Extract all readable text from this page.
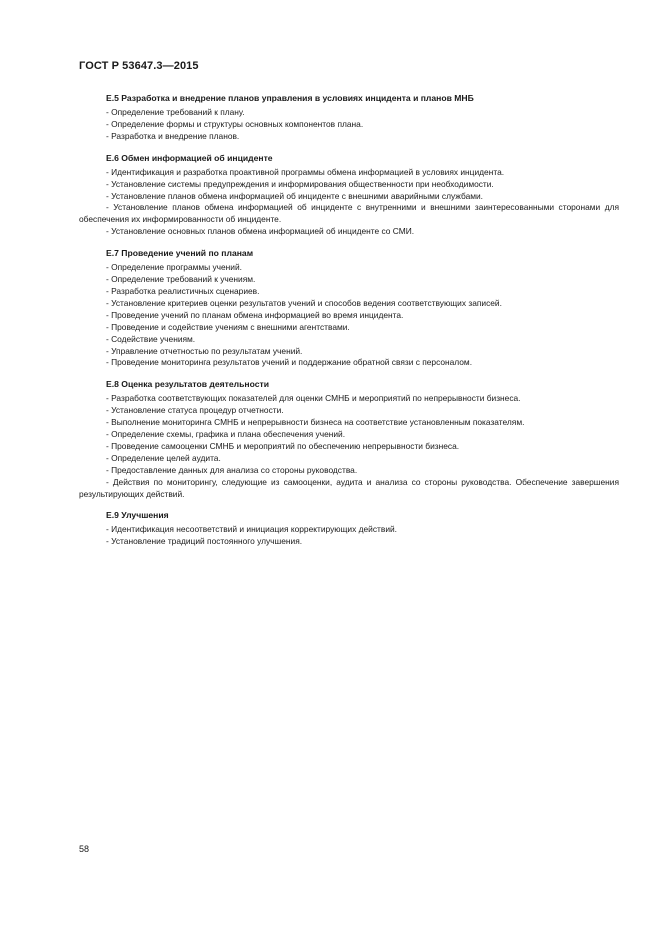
ГОСТ Р 53647.3—2015
Е.5 Разработка и внедрение планов управления в условиях инцидента и планов МНБ

- Определение требований к плану.

- Определение формы и структуры основных компонентов плана.

- Разработка и внедрение планов.

Е.6 Обмен информацией об инциденте

- Идентификация и разработка проактивной программы обмена информацией в условиях инцидента.

- Установление системы предупреждения и информирования общественности при необходимости.

- Установление планов обмена информацией об инциденте с внешними аварийными службами.

- Установление планов обмена информацией об инциденте с внутренними и внешними заинтересованными сторонами для обеспечения их информированности об инциденте.

- Установление основных планов обмена информацией об инциденте со СМИ.

Е.7 Проведение учений по планам

- Определение программы учений.

- Определение требований к учениям.

- Разработка реалистичных сценариев.

- Установление критериев оценки результатов учений и способов ведения соответствующих записей.

- Проведение учений по планам обмена информацией во время инцидента.

- Проведение и содействие учениям с внешними агентствами.

- Содействие учениям.

- Управление отчетностью по результатам учений.

- Проведение мониторинга результатов учений и поддержание обратной связи с персоналом.

Е.8 Оценка результатов деятельности

- Разработка соответствующих показателей для оценки СМНБ и мероприятий по непрерывности бизнеса.

- Установление статуса процедур отчетности.

- Выполнение мониторинга СМНБ и непрерывности бизнеса на соответствие установленным показателям.

- Определение схемы, графика и плана обеспечения учений.

- Проведение самооценки СМНБ и мероприятий по обеспечению непрерывности бизнеса.

- Определение целей аудита.

- Предоставление данных для анализа со стороны руководства.

- Действия по мониторингу, следующие из самооценки, аудита и анализа со стороны руководства. Обеспечение завершения результирующих действий.

Е.9 Улучшения

- Идентификация несоответствий и инициация корректирующих действий.

- Установление традиций постоянного улучшения.

58
